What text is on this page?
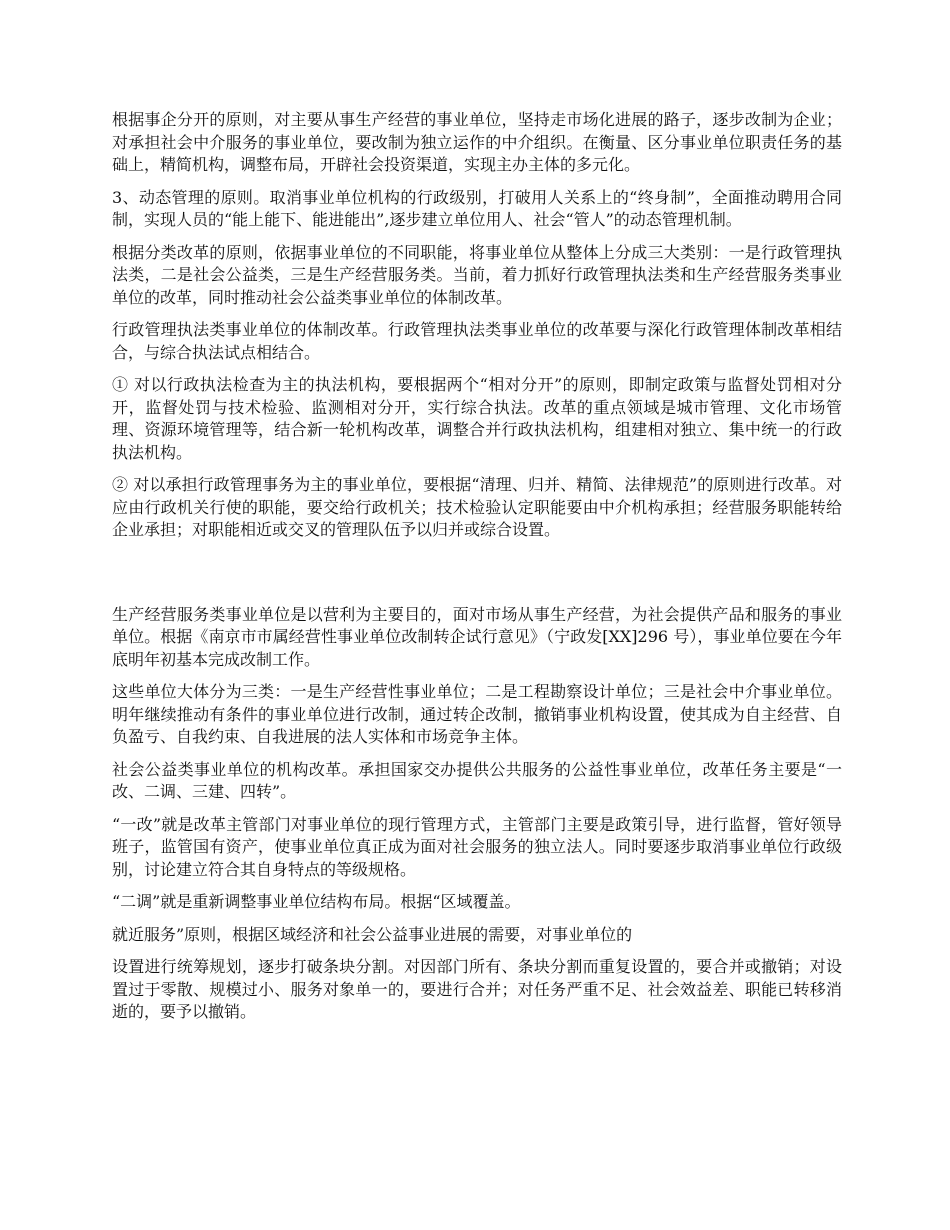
根据事企分开的原则，对主要从事生产经营的事业单位，坚持走市场化进展的路子，逐步改制为企业；对承担社会中介服务的事业单位，要改制为独立运作的中介组织。在衡量、区分事业单位职责任务的基础上，精简机构，调整布局，开辟社会投资渠道，实现主办主体的多元化。

3、动态管理的原则。取消事业单位机构的行政级别，打破用人关系上的“终身制”，全面推动聘用合同制，实现人员的“能上能下、能进能出”,逐步建立单位用人、社会“管人”的动态管理机制。

根据分类改革的原则，依据事业单位的不同职能，将事业单位从整体上分成三大类别：一是行政管理执法类，二是社会公益类，三是生产经营服务类。当前，着力抓好行政管理执法类和生产经营服务类事业单位的改革，同时推动社会公益类事业单位的体制改革。

行政管理执法类事业单位的体制改革。行政管理执法类事业单位的改革要与深化行政管理体制改革相结合，与综合执法试点相结合。

① 对以行政执法检查为主的执法机构，要根据两个“相对分开”的原则，即制定政策与监督处罚相对分开，监督处罚与技术检验、监测相对分开，实行综合执法。改革的重点领域是城市管理、文化市场管理、资源环境管理等，结合新一轮机构改革，调整合并行政执法机构，组建相对独立、集中统一的行政执法机构。

② 对以承担行政管理事务为主的事业单位，要根据“清理、归并、精简、法律规范”的原则进行改革。对应由行政机关行使的职能，要交给行政机关；技术检验认定职能要由中介机构承担；经营服务职能转给企业承担；对职能相近或交叉的管理队伍予以归并或综合设置。

生产经营服务类事业单位是以营利为主要目的，面对市场从事生产经营，为社会提供产品和服务的事业单位。根据《南京市市属经营性事业单位改制转企试行意见》（宁政发[XX]296 号），事业单位要在今年底明年初基本完成改制工作。

这些单位大体分为三类：一是生产经营性事业单位；二是工程勘察设计单位；三是社会中介事业单位。明年继续推动有条件的事业单位进行改制，通过转企改制，撤销事业机构设置，使其成为自主经营、自负盈亏、自我约束、自我进展的法人实体和市场竞争主体。

社会公益类事业单位的机构改革。承担国家交办提供公共服务的公益性事业单位，改革任务主要是“一改、二调、三建、四转”。

“一改”就是改革主管部门对事业单位的现行管理方式，主管部门主要是政策引导，进行监督，管好领导班子，监管国有资产，使事业单位真正成为面对社会服务的独立法人。同时要逐步取消事业单位行政级别，讨论建立符合其自身特点的等级规格。

“二调”就是重新调整事业单位结构布局。根据“区域覆盖。

就近服务”原则，根据区域经济和社会公益事业进展的需要，对事业单位的

设置进行统筹规划，逐步打破条块分割。对因部门所有、条块分割而重复设置的，要合并或撤销；对设置过于零散、规模过小、服务对象单一的，要进行合并；对任务严重不足、社会效益差、职能已转移消逝的，要予以撤销。
